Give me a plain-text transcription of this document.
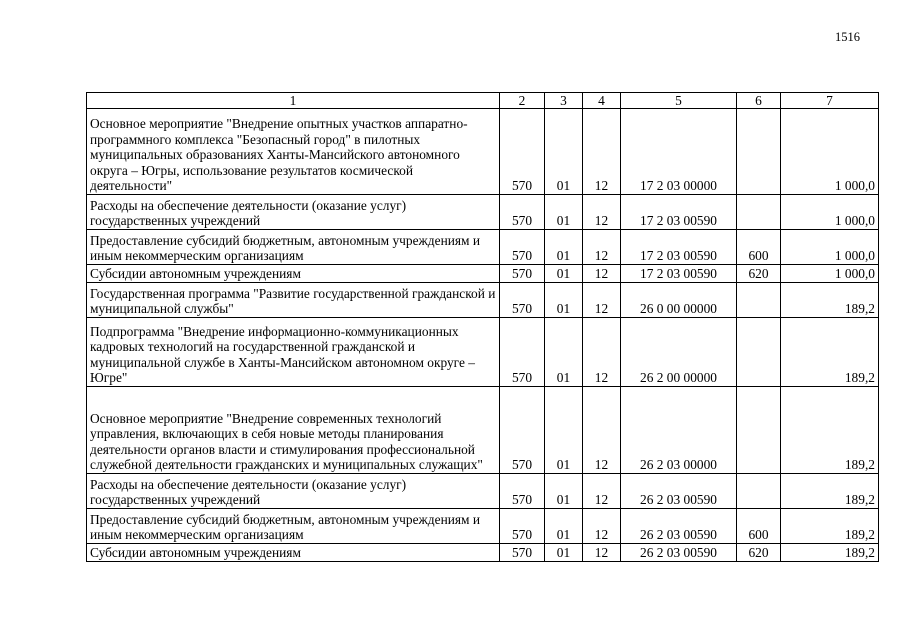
1516
1	2	3	4	5	6	7
Основное мероприятие "Внедрение опытных участков аппаратно-программного комплекса "Безопасный город" в пилотных муниципальных образованиях Ханты-Мансийского автономного округа – Югры, использование результатов космической деятельности"	570	01	12	17 2 03 00000		1 000,0
Расходы на обеспечение деятельности (оказание услуг) государственных учреждений	570	01	12	17 2 03 00590		1 000,0
Предоставление субсидий бюджетным, автономным учреждениям и иным некоммерческим организациям	570	01	12	17 2 03 00590	600	1 000,0
Субсидии автономным учреждениям	570	01	12	17 2 03 00590	620	1 000,0
Государственная программа "Развитие государственной гражданской и муниципальной службы"	570	01	12	26 0 00 00000		189,2
Подпрограмма "Внедрение информационно-коммуникационных кадровых технологий на государственной гражданской и муниципальной службе в Ханты-Мансийском автономном округе – Югре"	570	01	12	26 2 00 00000		189,2
Основное мероприятие "Внедрение современных технологий управления, включающих в себя новые методы планирования деятельности органов власти и стимулирования профессиональной служебной деятельности гражданских и муниципальных служащих"	570	01	12	26 2 03 00000		189,2
Расходы на обеспечение деятельности (оказание услуг) государственных учреждений	570	01	12	26 2 03 00590		189,2
Предоставление субсидий бюджетным, автономным учреждениям и иным некоммерческим организациям	570	01	12	26 2 03 00590	600	189,2
Субсидии автономным учреждениям	570	01	12	26 2 03 00590	620	189,2
